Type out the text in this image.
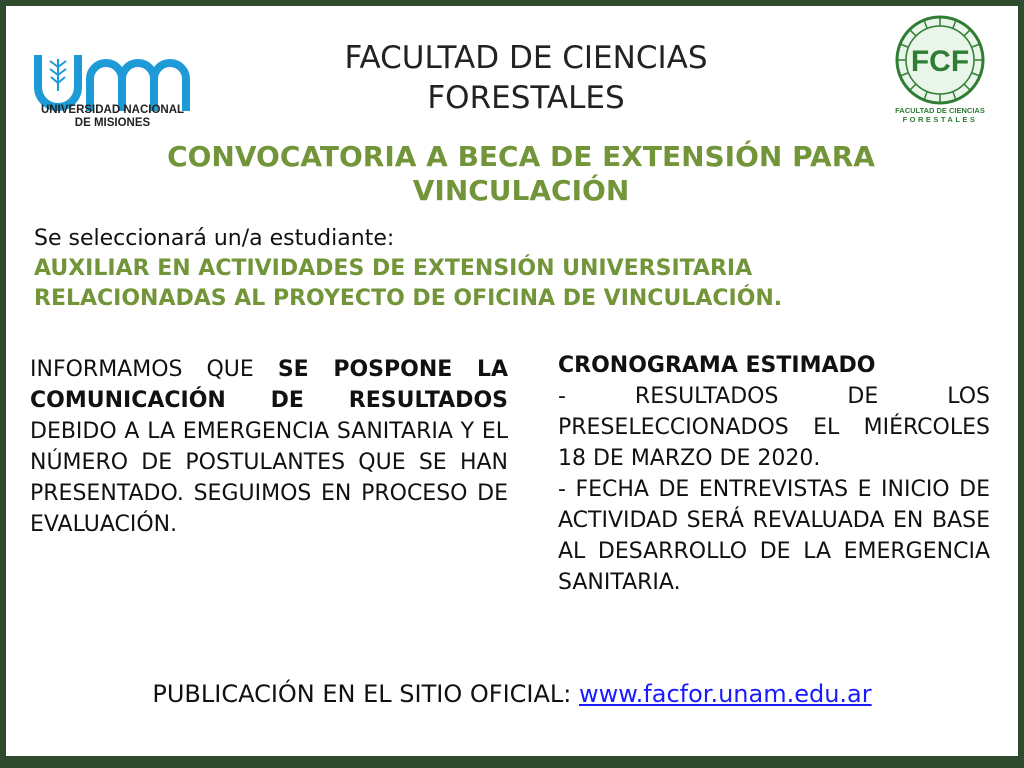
UNIVERSIDAD NACIONAL
DE MISIONES
FACULTAD DE CIENCIAS
FORESTALES
FCF
FACULTAD DE CIENCIAS
FORESTALES
CONVOCATORIA A BECA DE EXTENSIÓN PARA
VINCULACIÓN
Se seleccionará un/a estudiante:
AUXILIAR EN ACTIVIDADES DE EXTENSIÓN UNIVERSITARIA
RELACIONADAS AL PROYECTO DE OFICINA DE VINCULACIÓN.
INFORMAMOS QUE SE POSPONE LA COMUNICACIÓN DE RESULTADOS DEBIDO A LA EMERGENCIA SANITARIA Y EL NÚMERO DE POSTULANTES QUE SE HAN PRESENTADO. SEGUIMOS EN PROCESO DE EVALUACIÓN.
CRONOGRAMA ESTIMADO
- RESULTADOS DE LOS PRESELECCIONADOS EL MIÉRCOLES 18 DE MARZO DE 2020.
- FECHA DE ENTREVISTAS E INICIO DE ACTIVIDAD SERÁ REVALUADA EN BASE AL DESARROLLO DE LA EMERGENCIA SANITARIA.
PUBLICACIÓN EN EL SITIO OFICIAL: www.facfor.unam.edu.ar
